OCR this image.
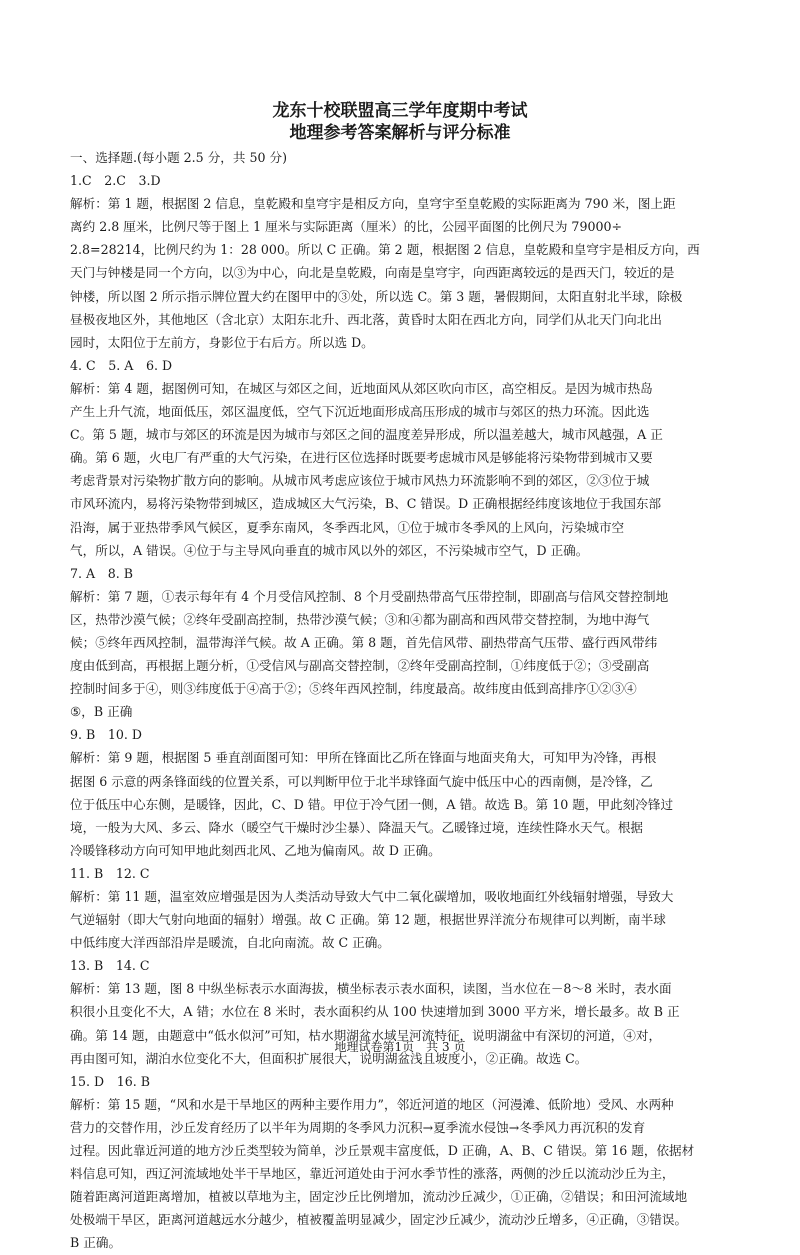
龙东十校联盟高三学年度期中考试
地理参考答案解析与评分标准
一、选择题.(每小题 2.5 分，共 50 分)
1.C　2.C　3.D
解析：第 1 题，根据图 2 信息，皇乾殿和皇穹宇是相反方向，皇穹宇至皇乾殿的实际距离为 790 米，图上距
离约 2.8 厘米，比例尺等于图上 1 厘米与实际距离（厘米）的比，公园平面图的比例尺为 79000÷
2.8=28214，比例尺约为 1：28 000。所以 C 正确。第 2 题，根据图 2 信息，皇乾殿和皇穹宇是相反方向，西
天门与钟楼是同一个方向，以③为中心，向北是皇乾殿，向南是皇穹宇，向西距离较远的是西天门，较近的是
钟楼，所以图 2 所示指示牌位置大约在图甲中的③处，所以选 C。第 3 题，暑假期间，太阳直射北半球，除极
昼极夜地区外，其他地区（含北京）太阳东北升、西北落，黄昏时太阳在西北方向，同学们从北天门向北出
园时，太阳位于左前方，身影位于右后方。所以选 D。
4. C　5. A　6. D
解析：第 4 题，据图例可知，在城区与郊区之间，近地面风从郊区吹向市区，高空相反。是因为城市热岛
产生上升气流，地面低压，郊区温度低，空气下沉近地面形成高压形成的城市与郊区的热力环流。因此选
C。第 5 题，城市与郊区的环流是因为城市与郊区之间的温度差异形成，所以温差越大，城市风越强，A 正
确。第 6 题，火电厂有严重的大气污染，在进行区位选择时既要考虑城市风是够能将污染物带到城市又要
考虑背景对污染物扩散方向的影响。从城市风考虑应该位于城市风热力环流影响不到的郊区，②③位于城
市风环流内，易将污染物带到城区，造成城区大气污染，B、C 错误。D 正确根据经纬度该地位于我国东部
沿海，属于亚热带季风气候区，夏季东南风，冬季西北风，①位于城市冬季风的上风向，污染城市空
气，所以，A 错误。④位于与主导风向垂直的城市风以外的郊区，不污染城市空气，D 正确。
7. A　8. B
解析：第 7 题，①表示每年有 4 个月受信风控制、8 个月受副热带高气压带控制，即副高与信风交替控制地
区，热带沙漠气候；②终年受副高控制，热带沙漠气候；③和④都为副高和西风带交替控制，为地中海气
候；⑤终年西风控制，温带海洋气候。故 A 正确。第 8 题，首先信风带、副热带高气压带、盛行西风带纬
度由低到高，再根据上题分析，①受信风与副高交替控制，②终年受副高控制，①纬度低于②；③受副高
控制时间多于④，则③纬度低于④高于②；⑤终年西风控制，纬度最高。故纬度由低到高排序①②③④
⑤，B 正确
9. B　10. D
解析：第 9 题，根据图 5 垂直剖面图可知：甲所在锋面比乙所在锋面与地面夹角大，可知甲为冷锋，再根
据图 6 示意的两条锋面线的位置关系，可以判断甲位于北半球锋面气旋中低压中心的西南侧，是冷锋，乙
位于低压中心东侧，是暖锋，因此，C、D 错。甲位于冷气团一侧，A 错。故选 B。第 10 题，甲此刻冷锋过
境，一般为大风、多云、降水（暖空气干燥时沙尘暴）、降温天气。乙暖锋过境，连续性降水天气。根据
冷暖锋移动方向可知甲地此刻西北风、乙地为偏南风。故 D 正确。
11. B　12. C
解析：第 11 题，温室效应增强是因为人类活动导致大气中二氧化碳增加，吸收地面红外线辐射增强，导致大
气逆辐射（即大气射向地面的辐射）增强。故 C 正确。第 12 题，根据世界洋流分布规律可以判断，南半球
中低纬度大洋西部沿岸是暖流，自北向南流。故 C 正确。
13. B　14. C
解析：第 13 题，图 8 中纵坐标表示水面海拔，横坐标表示表水面积，读图，当水位在－8～8 米时，表水面
积很小且变化不大，A 错；水位在 8 米时，表水面积约从 100 快速增加到 3000 平方米，增长最多。故 B 正
确。第 14 题，由题意中“低水似河”可知，枯水期湖盆水域呈河流特征，说明湖盆中有深切的河道，④对，
再由图可知，湖泊水位变化不大，但面积扩展很大，说明湖盆浅且坡度小，②正确。故选 C。
15. D　16. B
解析：第 15 题，“风和水是干旱地区的两种主要作用力”，邻近河道的地区（河漫滩、低阶地）受风、水两种
营力的交替作用，沙丘发育经历了以半年为周期的冬季风力沉积→夏季流水侵蚀→冬季风力再沉积的发育
过程。因此靠近河道的地方沙丘类型较为简单，沙丘景观丰富度低，D 正确，A、B、C 错误。第 16 题，依据材
料信息可知，西辽河流域地处半干旱地区，靠近河道处由于河水季节性的涨落，两侧的沙丘以流动沙丘为主，
随着距离河道距离增加，植被以草地为主，固定沙丘比例增加，流动沙丘减少，①正确，②错误；和田河流域地
处极端干旱区，距离河道越远水分越少，植被覆盖明显减少，固定沙丘减少，流动沙丘增多，④正确，③错误。
B 正确。
地理试卷第1页　共 3 页
